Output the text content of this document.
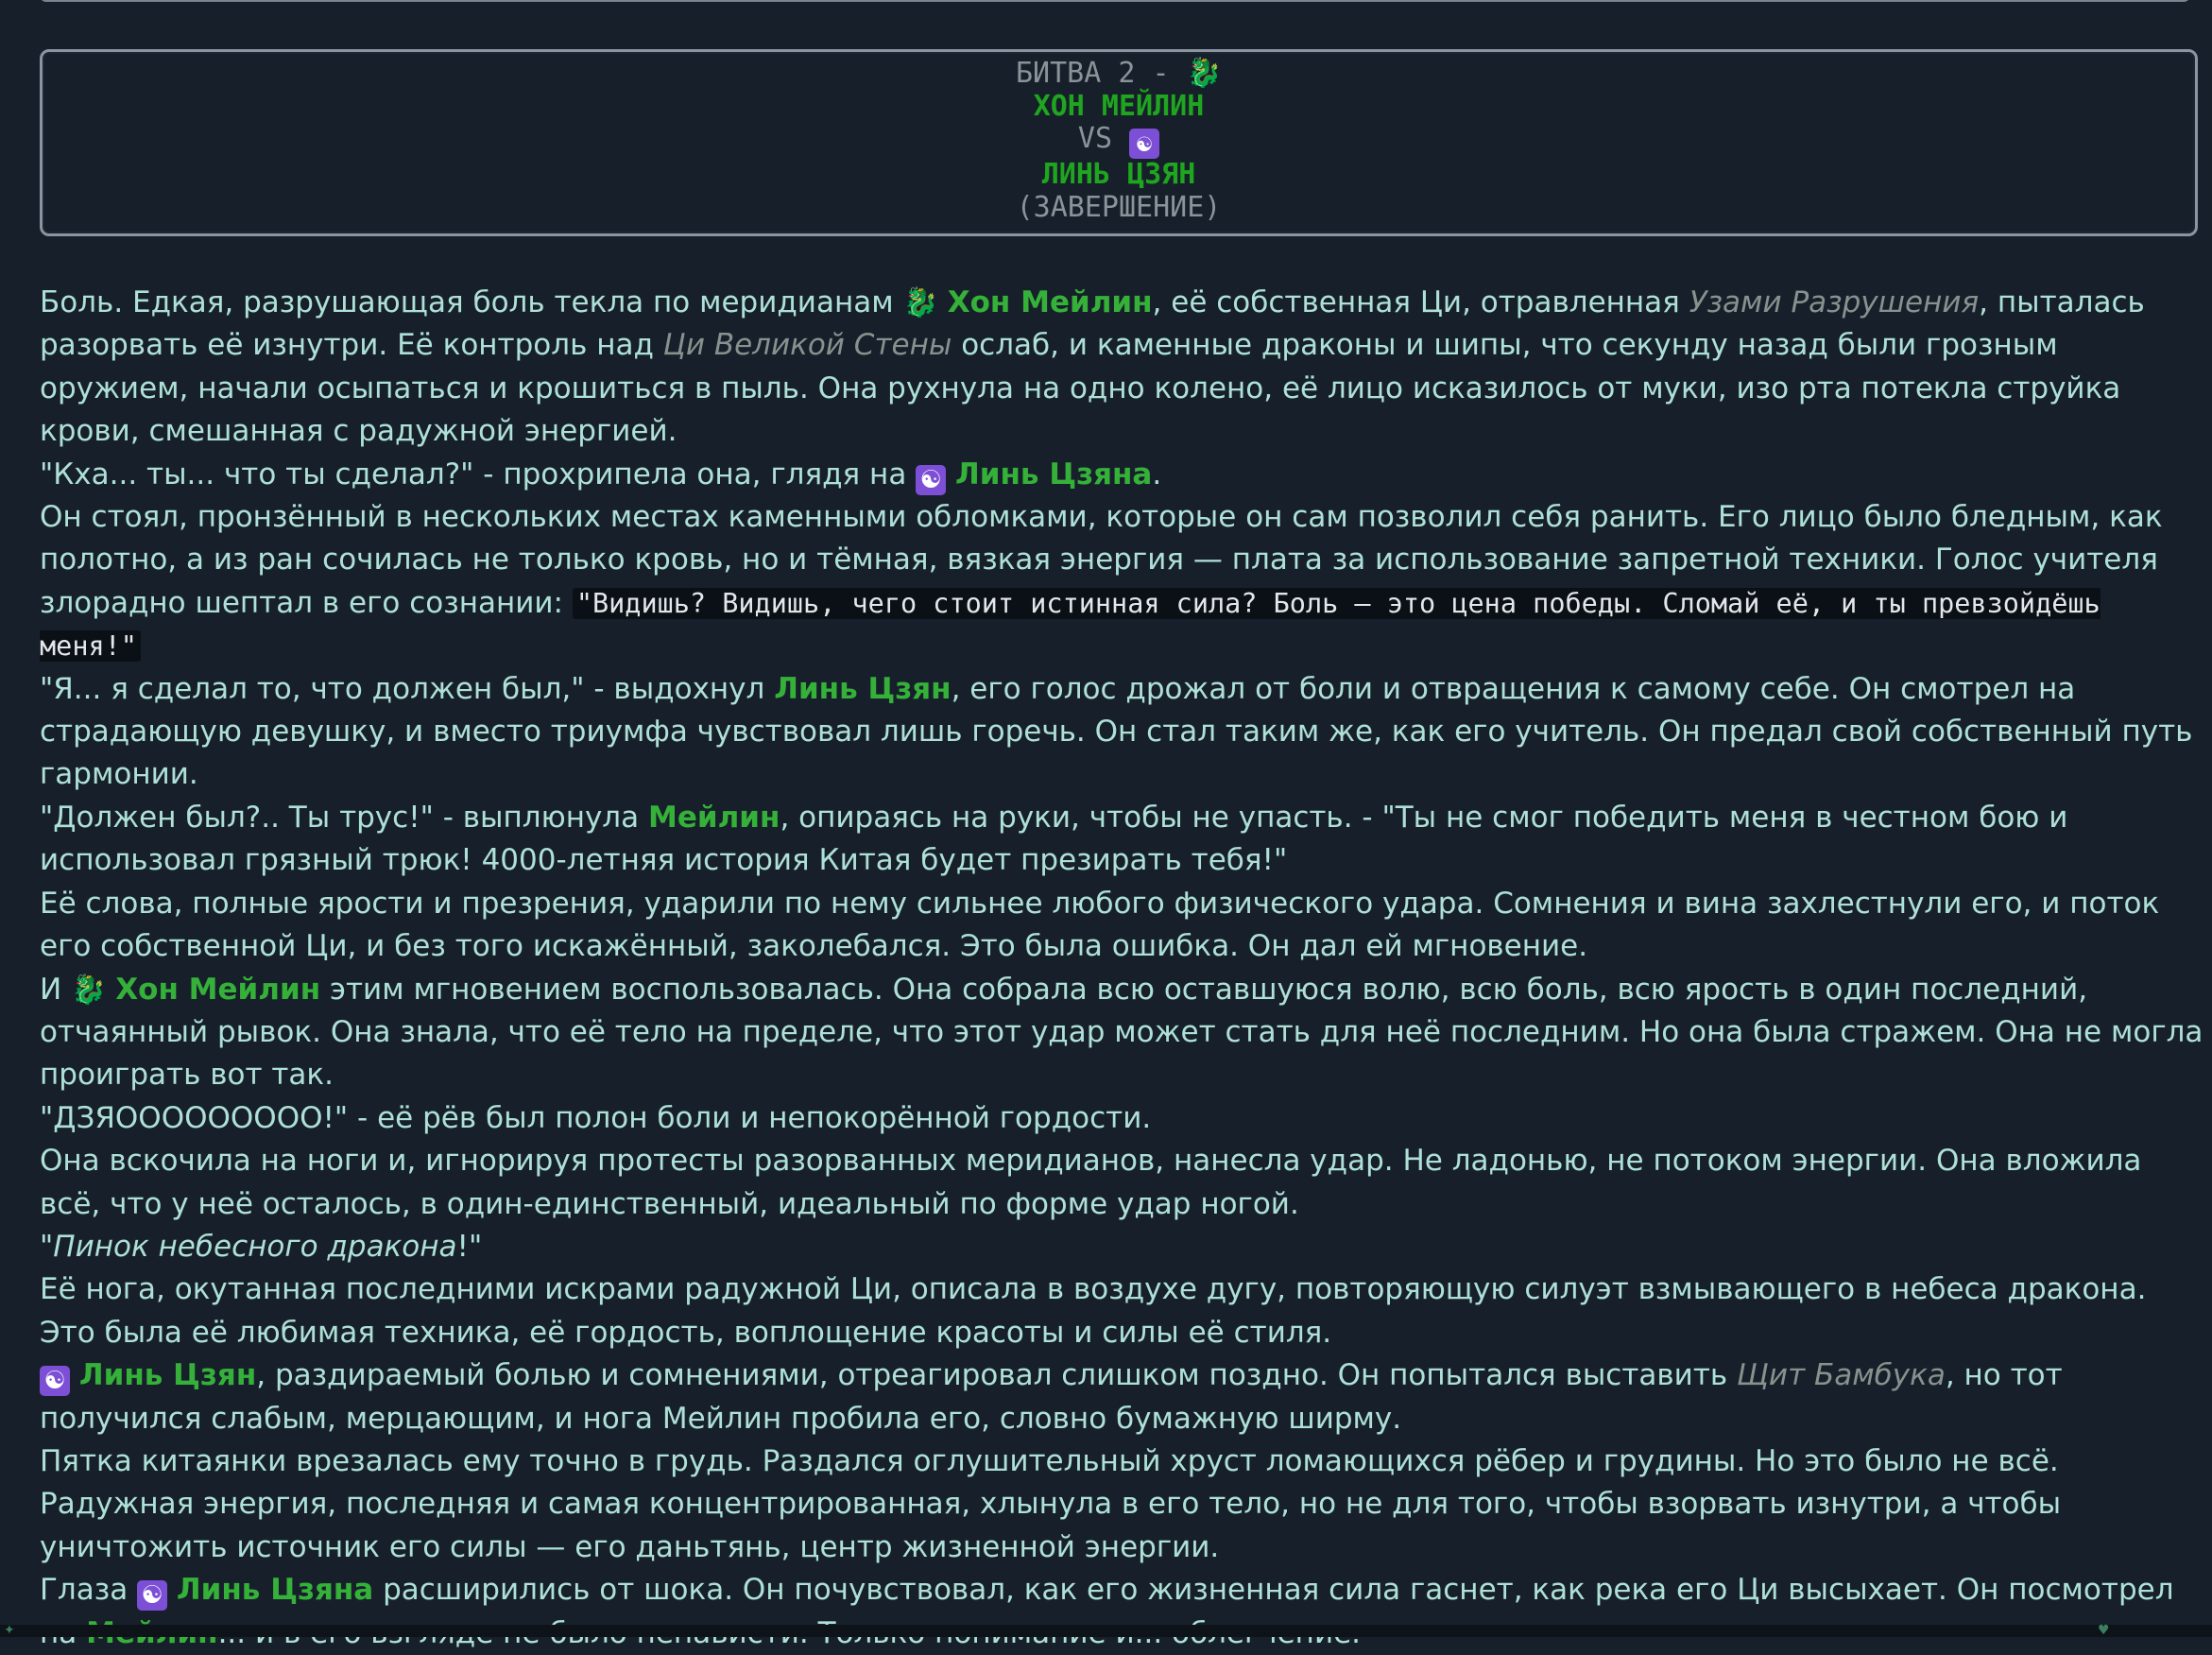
БИТВА 2 - 🐉
ХОН МЕЙЛИН
VS ☯
ЛИНЬ ЦЗЯН
(ЗАВЕРШЕНИЕ)

Боль. Едкая, разрушающая боль текла по меридианам 🐉 Хон Мейлин, её собственная Ци, отравленная Узами Разрушения, пыталась разорвать её изнутри. Её контроль над Ци Великой Стены ослаб, и каменные драконы и шипы, что секунду назад были грозным оружием, начали осыпаться и крошиться в пыль. Она рухнула на одно колено, её лицо исказилось от муки, изо рта потекла струйка крови, смешанная с радужной энергией.

"Кха... ты... что ты сделал?" - прохрипела она, глядя на ☯ Линь Цзяна.

Он стоял, пронзённый в нескольких местах каменными обломками, которые он сам позволил себя ранить. Его лицо было бледным, как полотно, а из ран сочилась не только кровь, но и тёмная, вязкая энергия — плата за использование запретной техники. Голос учителя злорадно шептал в его сознании: "Видишь? Видишь, чего стоит истинная сила? Боль — это цена победы. Сломай её, и ты превзойдёшь меня!"

"Я... я сделал то, что должен был," - выдохнул Линь Цзян, его голос дрожал от боли и отвращения к самому себе. Он смотрел на страдающую девушку, и вместо триумфа чувствовал лишь горечь. Он стал таким же, как его учитель. Он предал свой собственный путь гармонии.

"Должен был?.. Ты трус!" - выплюнула Мейлин, опираясь на руки, чтобы не упасть. - "Ты не смог победить меня в честном бою и использовал грязный трюк! 4000-летняя история Китая будет презирать тебя!"

Её слова, полные ярости и презрения, ударили по нему сильнее любого физического удара. Сомнения и вина захлестнули его, и поток его собственной Ци, и без того искажённый, заколебался. Это была ошибка. Он дал ей мгновение.

И 🐉 Хон Мейлин этим мгновением воспользовалась. Она собрала всю оставшуюся волю, всю боль, всю ярость в один последний, отчаянный рывок. Она знала, что её тело на пределе, что этот удар может стать для неё последним. Но она была стражем. Она не могла проиграть вот так.

"ДЗЯООООООООО!" - её рёв был полон боли и непокорённой гордости.

Она вскочила на ноги и, игнорируя протесты разорванных меридианов, нанесла удар. Не ладонью, не потоком энергии. Она вложила всё, что у неё осталось, в один-единственный, идеальный по форме удар ногой.

"Пинок небесного дракона!"

Её нога, окутанная последними искрами радужной Ци, описала в воздухе дугу, повторяющую силуэт взмывающего в небеса дракона. Это была её любимая техника, её гордость, воплощение красоты и силы её стиля.

☯ Линь Цзян, раздираемый болью и сомнениями, отреагировал слишком поздно. Он попытался выставить Щит Бамбука, но тот получился слабым, мерцающим, и нога Мейлин пробила его, словно бумажную ширму.

Пятка китаянки врезалась ему точно в грудь. Раздался оглушительный хруст ломающихся рёбер и грудины. Но это было не всё. Радужная энергия, последняя и самая концентрированная, хлынула в его тело, но не для того, чтобы взорвать изнутри, а чтобы уничтожить источник его силы — его даньтянь, центр жизненной энергии.

Глаза ☯ Линь Цзяна расширились от шока. Он почувствовал, как его жизненная сила гаснет, как река его Ци высыхает. Он посмотрел

✦	♥
